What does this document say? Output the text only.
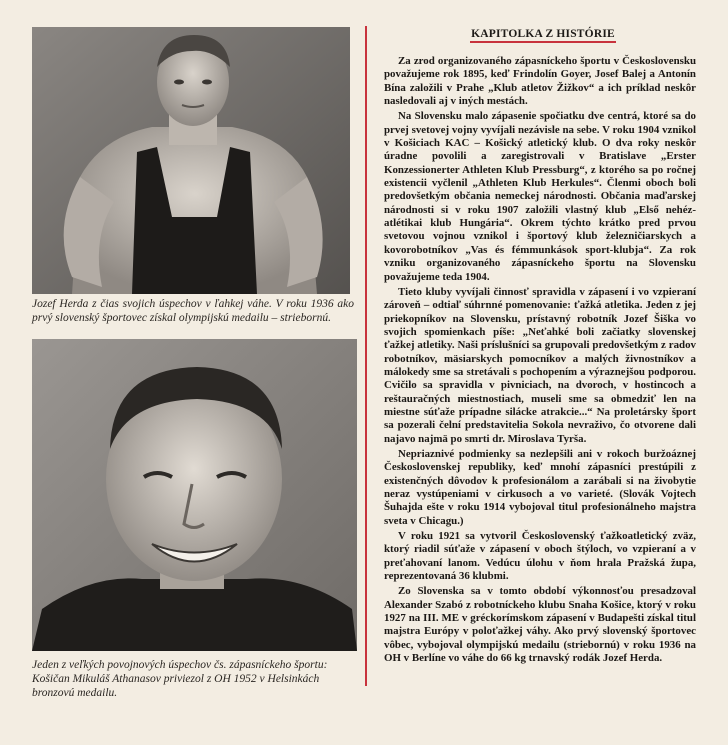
Jozef Herda z čias svojich úspechov v ľahkej váhe. V roku 1936 ako prvý slovenský športovec získal olympijskú medailu – striebornú.

Jeden z veľkých povojnových úspechov čs. zápasníckeho športu:

Košičan Mikuláš Athanasov priviezol z OH 1952 v Helsinkách bronzovú medailu.

KAPITOLKA Z HISTÓRIE

Za zrod organizovaného zápasníckeho športu v Československu považujeme rok 1895, keď Frindolín Goyer, Josef Balej a Antonín Bína založili v Prahe „Klub atletov Žižkov“ a ich príklad neskôr nasledovali aj v iných mestách.

Na Slovensku malo zápasenie spočiatku dve centrá, ktoré sa do prvej svetovej vojny vyvíjali nezávisle na sebe. V roku 1904 vznikol v Košiciach KAC – Košický atletický klub. O dva roky neskôr úradne povolili a zaregistrovali v Bratislave „Erster Konzessionerter Athleten Klub Pressburg“, z ktorého sa po ročnej existencii vyčlenil „Athleten Klub Herkules“. Členmi oboch boli predovšetkým občania nemeckej národnosti. Občania maďarskej národnosti si v roku 1907 založili vlastný klub „Első nehéz-atlétikai klub Hungária“. Okrem týchto krátko pred prvou svetovou vojnou vznikol i športový klub železničiarskych a kovorobotníkov „Vas és fémmunkások sport-klubja“. Za rok vzniku organizovaného zápasníckeho športu na Slovensku považujeme teda 1904.

Tieto kluby vyvíjali činnosť spravidla v zápasení i vo vzpieraní zároveň – odtiaľ súhrnné pomenovanie: ťažká atletika. Jeden z jej priekopníkov na Slovensku, prístavný robotník Jozef Šiška vo svojich spomienkach píše: „Neťahké boli začiatky slovenskej ťažkej atletiky. Naši príslušníci sa grupovali predovšetkým z radov robotníkov, mäsiarskych pomocníkov a malých živnostníkov a málokedy sme sa stretávali s pochopením a výraznejšou podporou. Cvičilo sa spravidla v pivniciach, na dvoroch, v hostincoch a reštauračných miestnostiach, museli sme sa obmedziť len na miestne súťaže prípadne silácke atrakcie...“ Na proletársky šport sa pozerali čelní predstavitelia Sokola nevraživo, čo otvorene dali najavo najmä po smrti dr. Miroslava Tyrša.

Nepriaznivé podmienky sa nezlepšili ani v rokoch buržoáznej Československej republiky, keď mnohí zápasníci prestúpili z existenčných dôvodov k profesionálom a zarábali si na živobytie neraz vystúpeniami v cirkusoch a vo varieté. (Slovák Vojtech Šuhajda ešte v roku 1914 vybojoval titul profesionálneho majstra sveta v Chicagu.)

V roku 1921 sa vytvoril Československý ťažkoatletický zväz, ktorý riadil súťaže v zápasení v oboch štýloch, vo vzpieraní a v preťahovaní lanom. Vedúcu úlohu v ňom hrala Pražská župa, reprezentovaná 36 klubmi.

Zo Slovenska sa v tomto období výkonnosťou presadzoval Alexander Szabó z robotníckeho klubu Snaha Košice, ktorý v roku 1927 na III. ME v gréckorímskom zápasení v Budapešti získal titul majstra Európy v poloťažkej váhy. Ako prvý slovenský športovec vôbec, vybojoval olympijskú medailu (striebornú) v roku 1936 na OH v Berlíne vo váhe do 66 kg trnavský rodák Jozef Herda.
